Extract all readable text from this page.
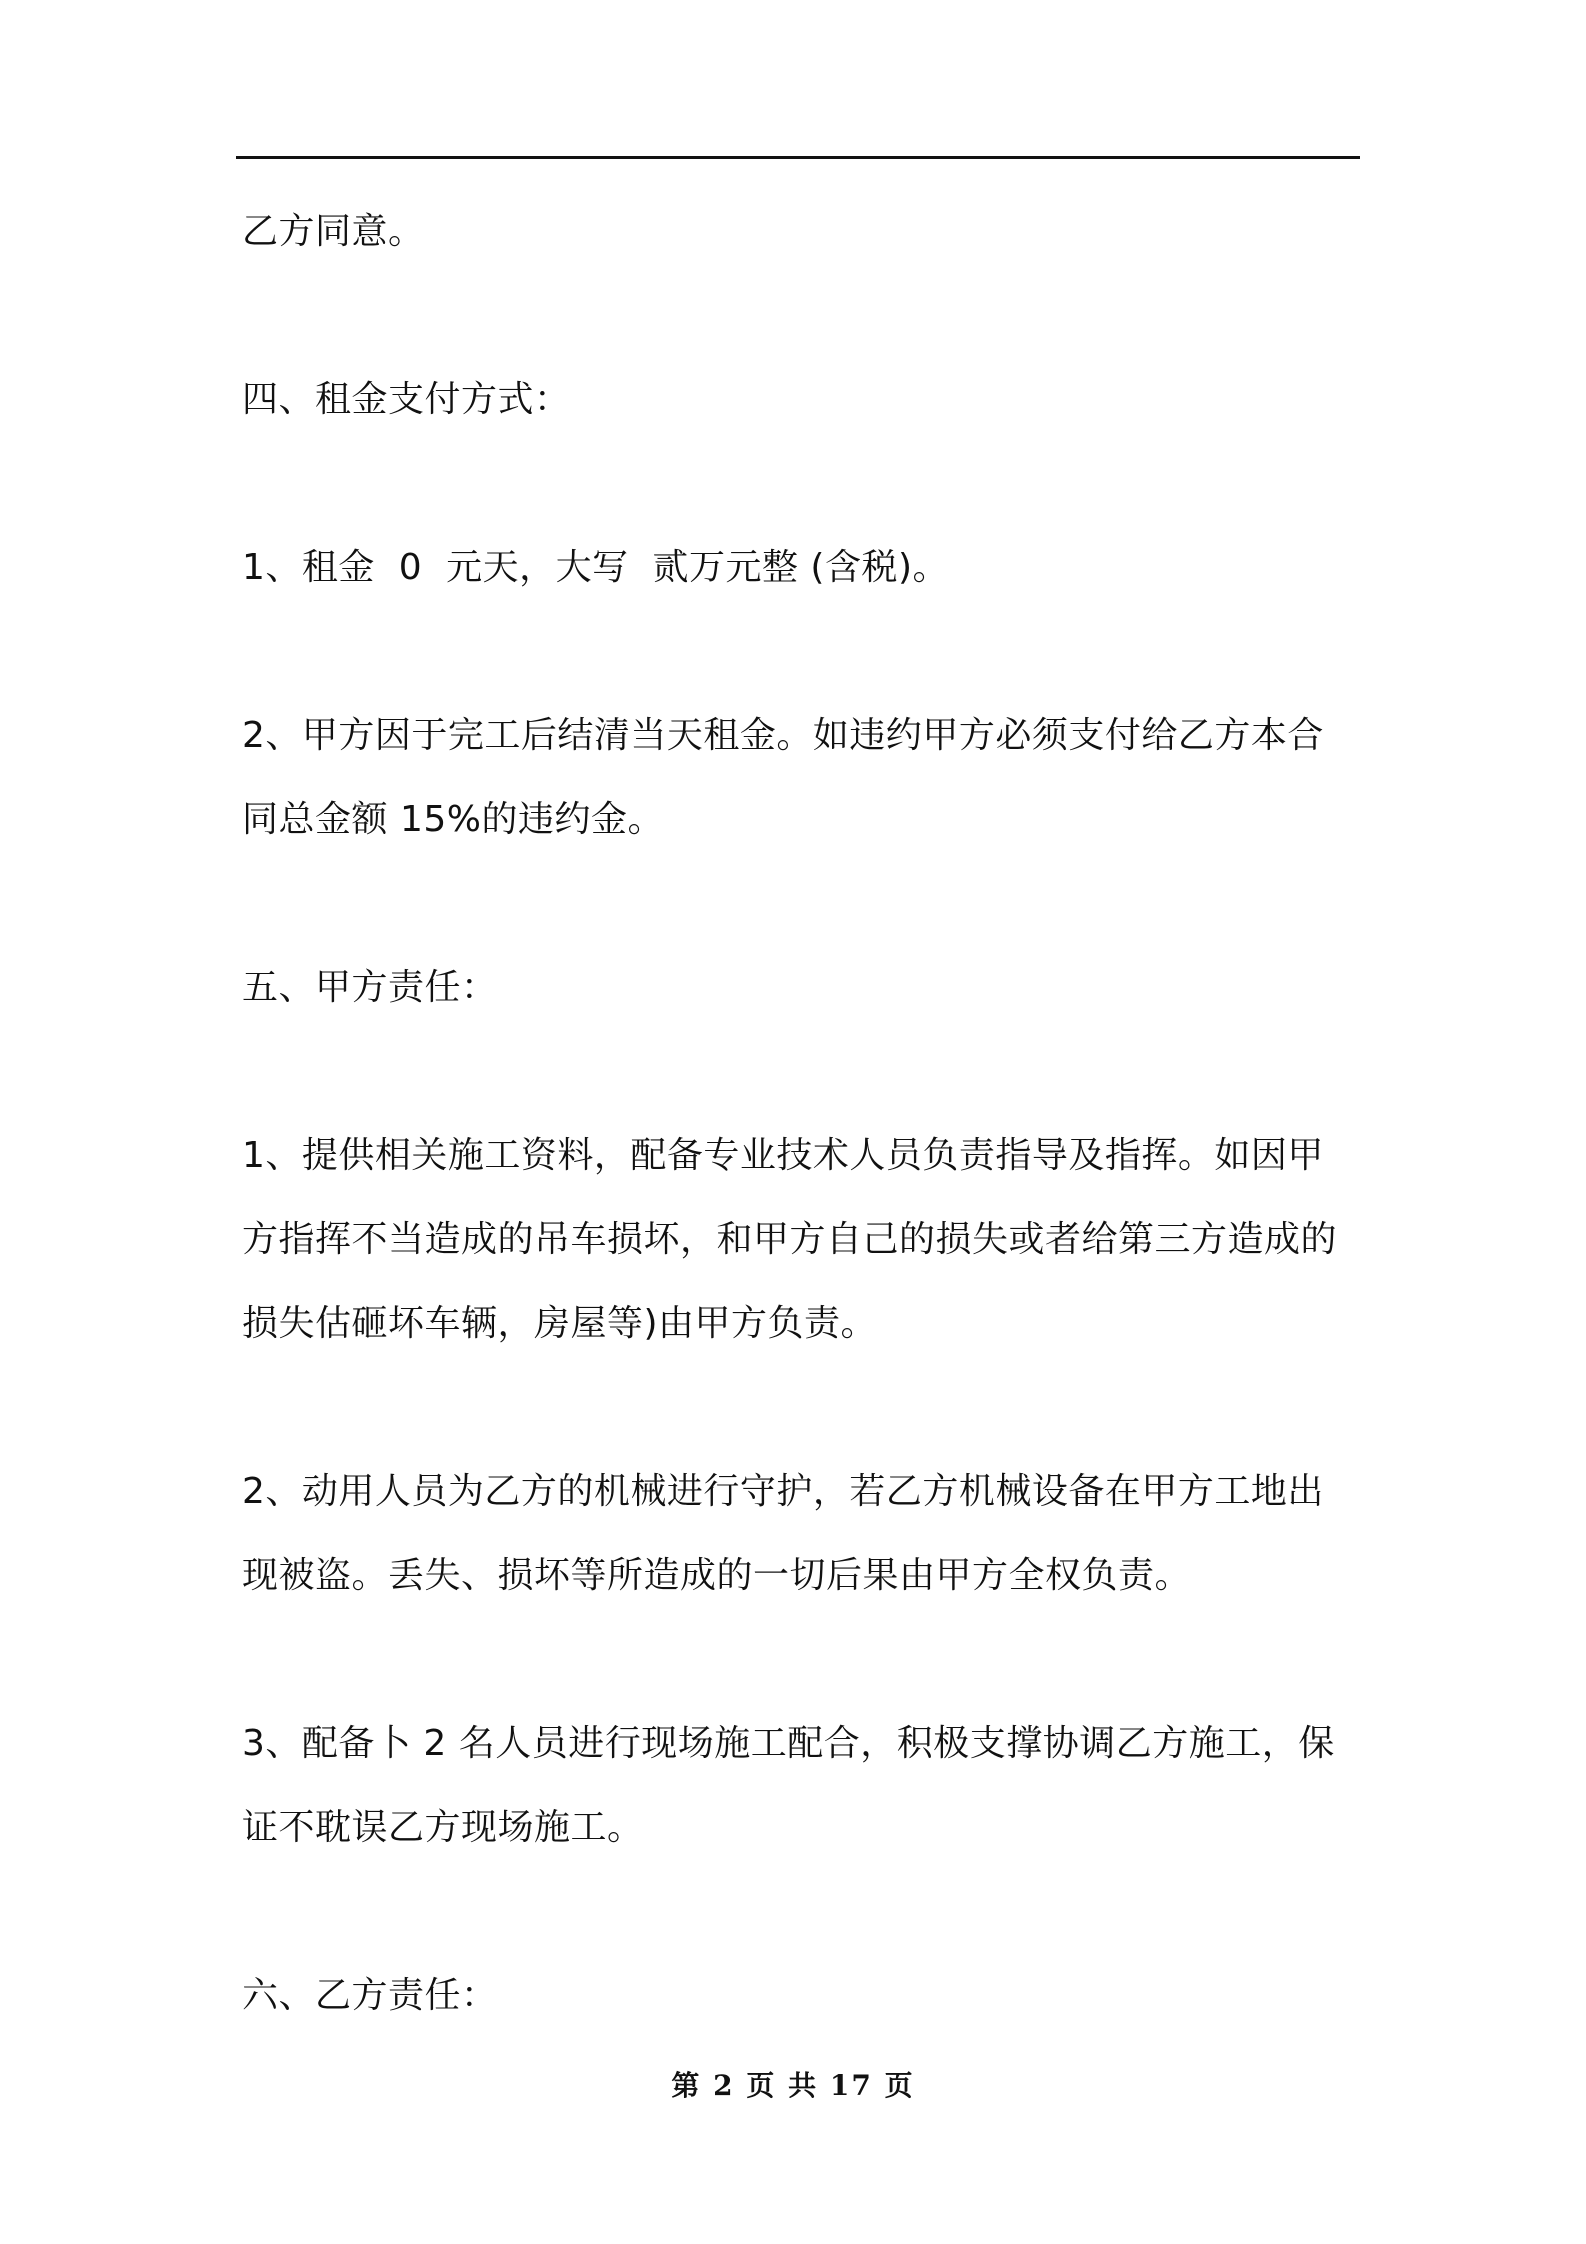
乙方同意。
四、租金支付方式：
1、租金  0  元天，大写  贰万元整 (含税)。
2、甲方因于完工后结清当天租金。如违约甲方必须支付给乙方本合
同总金额 15%的违约金。
五、甲方责任：
1、提供相关施工资料，配备专业技术人员负责指导及指挥。如因甲
方指挥不当造成的吊车损坏，和甲方自己的损失或者给第三方造成的
损失估砸坏车辆，房屋等)由甲方负责。
2、动用人员为乙方的机械进行守护，若乙方机械设备在甲方工地出
现被盗。丢失、损坏等所造成的一切后果由甲方全权负责。
3、配备卜 2 名人员进行现场施工配合，积极支撑协调乙方施工，保
证不耽误乙方现场施工。
六、乙方责任：
第 2 页 共 17 页
